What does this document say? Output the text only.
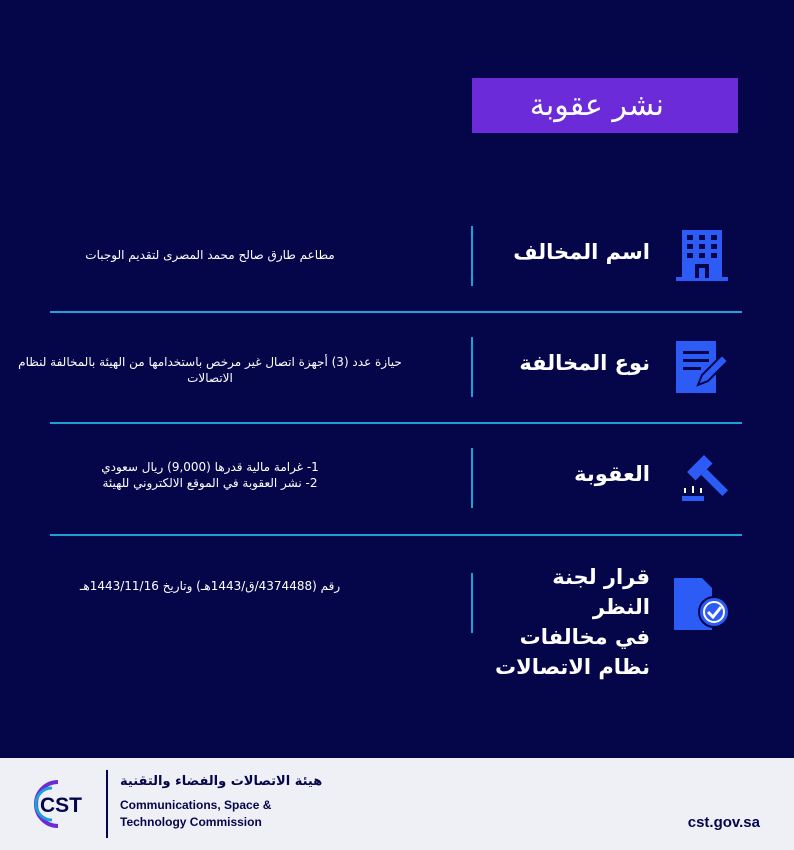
نشر عقوبة
اسم المخالف
مطاعم طارق صالح محمد المصرى لتقديم الوجبات
نوع المخالفة
حيازة عدد (3) أجهزة اتصال غير مرخص باستخدامها من الهيئة بالمخالفة لنظام الاتصالات
العقوبة
1- غرامة مالية قدرها (9,000) ريال سعودي
2- نشر العقوبة في الموقع الالكتروني للهيئة
قرار لجنة النظر
في مخالفات
نظام الاتصالات
رقم (4374488/ق/1443هـ) وتاريخ 1443/11/16هـ
CST
هيئة الاتصالات والفضاء والتقنية
Communications, Space &
Technology Commission	cst.gov.sa
